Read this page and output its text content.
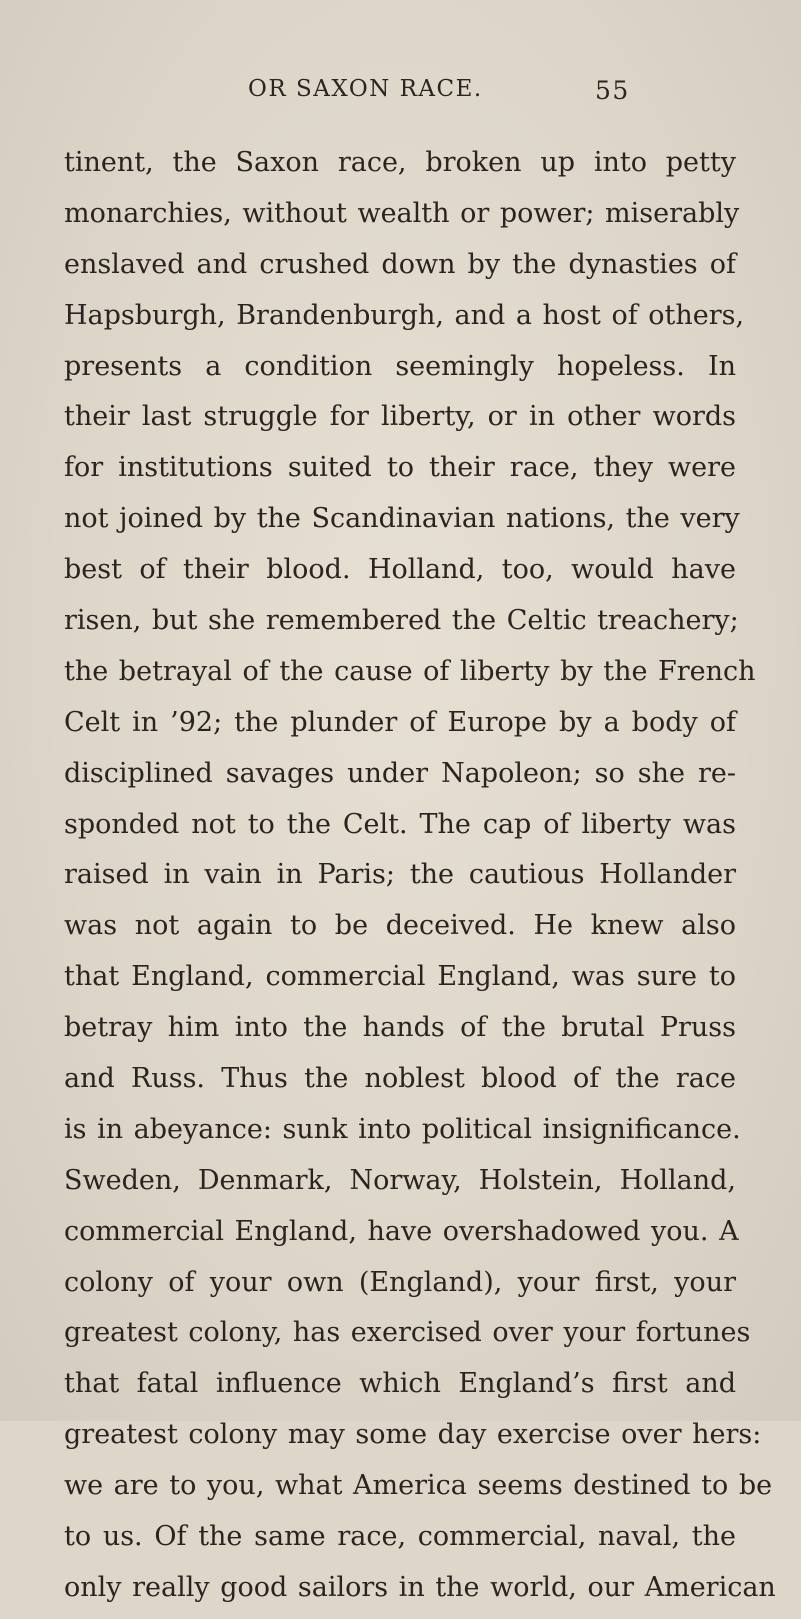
OR SAXON RACE.	55
tinent, the Saxon race, broken up into petty
monarchies, without wealth or power; miserably
enslaved and crushed down by the dynasties of
Hapsburgh, Brandenburgh, and a host of others,
presents a condition seemingly hopeless. In
their last struggle for liberty, or in other words
for institutions suited to their race, they were
not joined by the Scandinavian nations, the very
best of their blood. Holland, too, would have
risen, but she remembered the Celtic treachery;
the betrayal of the cause of liberty by the French
Celt in ’92; the plunder of Europe by a body of
disciplined savages under Napoleon; so she re-
sponded not to the Celt. The cap of liberty was
raised in vain in Paris; the cautious Hollander
was not again to be deceived. He knew also
that England, commercial England, was sure to
betray him into the hands of the brutal Pruss
and Russ. Thus the noblest blood of the race
is in abeyance: sunk into political insignificance.
Sweden, Denmark, Norway, Holstein, Holland,
commercial England, have overshadowed you. A
colony of your own (England), your first, your
greatest colony, has exercised over your fortunes
that fatal influence which England’s first and
greatest colony may some day exercise over hers:
we are to you, what America seems destined to be
to us. Of the same race, commercial, naval, the
only really good sailors in the world, our American
